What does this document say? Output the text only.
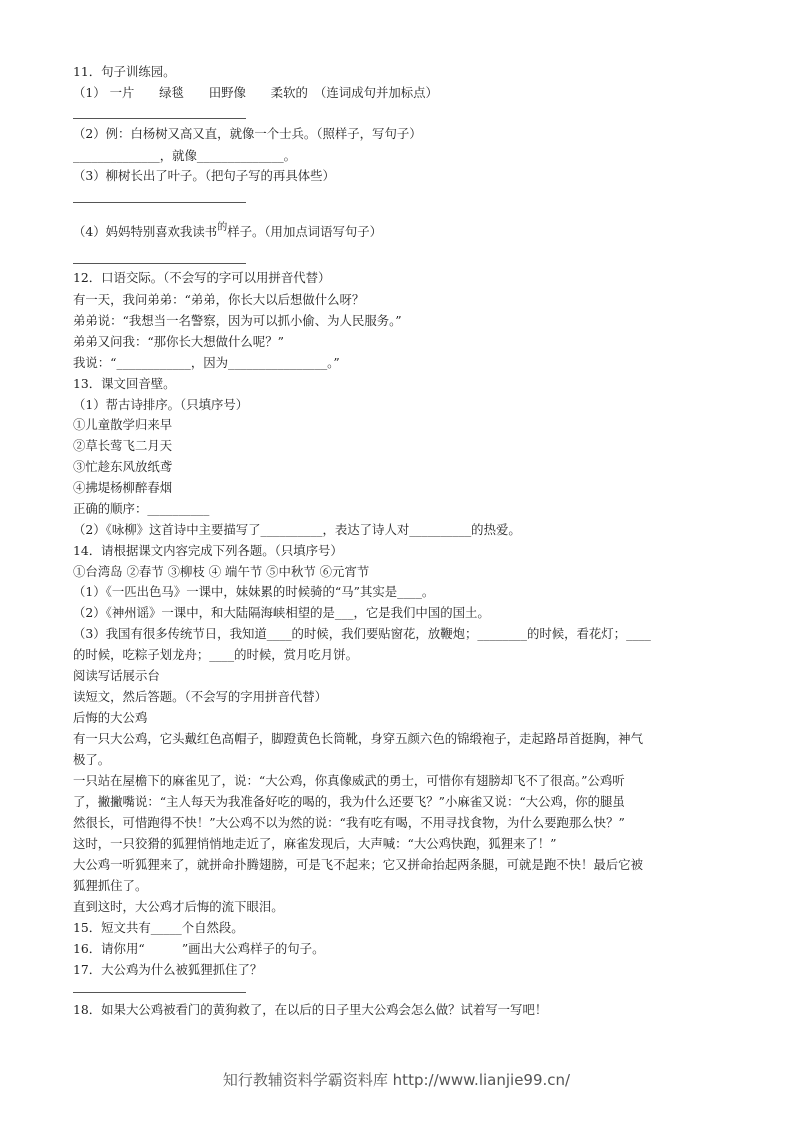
11．句子训练园。
（1） 一片　　绿毯　　田野像　　柔软的　（连词成句并加标点）
（2）例：白杨树又高又直，就像一个士兵。（照样子，写句子）
______________，就像______________。
（3）柳树长出了叶子。（把句子写的再具体些）
（4）妈妈特别喜欢我读书$^的$样子。（用加点词语写句子）
12．口语交际。（不会写的字可以用拼音代替）
有一天，我问弟弟：“弟弟，你长大以后想做什么呀？
弟弟说：“我想当一名警察，因为可以抓小偷、为人民服务。”
弟弟又问我：“那你长大想做什么呢？”
我说：“____________，因为________________。”
13．课文回音壁。
（1）帮古诗排序。（只填序号）
①儿童散学归来早
②草长莺飞二月天
③忙趁东风放纸鸢
④拂堤杨柳醉春烟
正确的顺序：__________
（2）《咏柳》这首诗中主要描写了__________，表达了诗人对__________的热爱。
14．请根据课文内容完成下列各题。（只填序号）
①台湾岛 ②春节 ③柳枝 ④ 端午节 ⑤中秋节 ⑥元宵节
（1）《一匹出色马》一课中，妹妹累的时候骑的“马”其实是____。
（2）《神州谣》一课中，和大陆隔海峡相望的是___，它是我们中国的国土。
（3）我国有很多传统节日，我知道____的时候，我们要贴窗花，放鞭炮；________的时候，看花灯；____
的时候，吃粽子划龙舟；____的时候，赏月吃月饼。
阅读写话展示台
读短文，然后答题。（不会写的字用拼音代替）
后悔的大公鸡
有一只大公鸡，它头戴红色高帽子，脚蹬黄色长筒靴，身穿五颜六色的锦缎袍子，走起路昂首挺胸，神气
极了。
一只站在屋檐下的麻雀见了，说：“大公鸡，你真像威武的勇士，可惜你有翅膀却飞不了很高。”公鸡听
了，撇撇嘴说：“主人每天为我准备好吃的喝的，我为什么还要飞？”小麻雀又说：“大公鸡，你的腿虽
然很长，可惜跑得不快！”大公鸡不以为然的说：“我有吃有喝，不用寻找食物，为什么要跑那么快？”
这时，一只狡猾的狐狸悄悄地走近了，麻雀发现后，大声喊：“大公鸡快跑，狐狸来了！”
大公鸡一听狐狸来了，就拼命扑腾翅膀，可是飞不起来；它又拼命抬起两条腿，可就是跑不快！最后它被
狐狸抓住了。
直到这时，大公鸡才后悔的流下眼泪。
15．短文共有_____个自然段。
16．请你用“　　　”画出大公鸡样子的句子。
17．大公鸡为什么被狐狸抓住了？
18．如果大公鸡被看门的黄狗救了，在以后的日子里大公鸡会怎么做？试着写一写吧！
知行教辅资料学霸资料库 http://www.lianjie99.cn/
